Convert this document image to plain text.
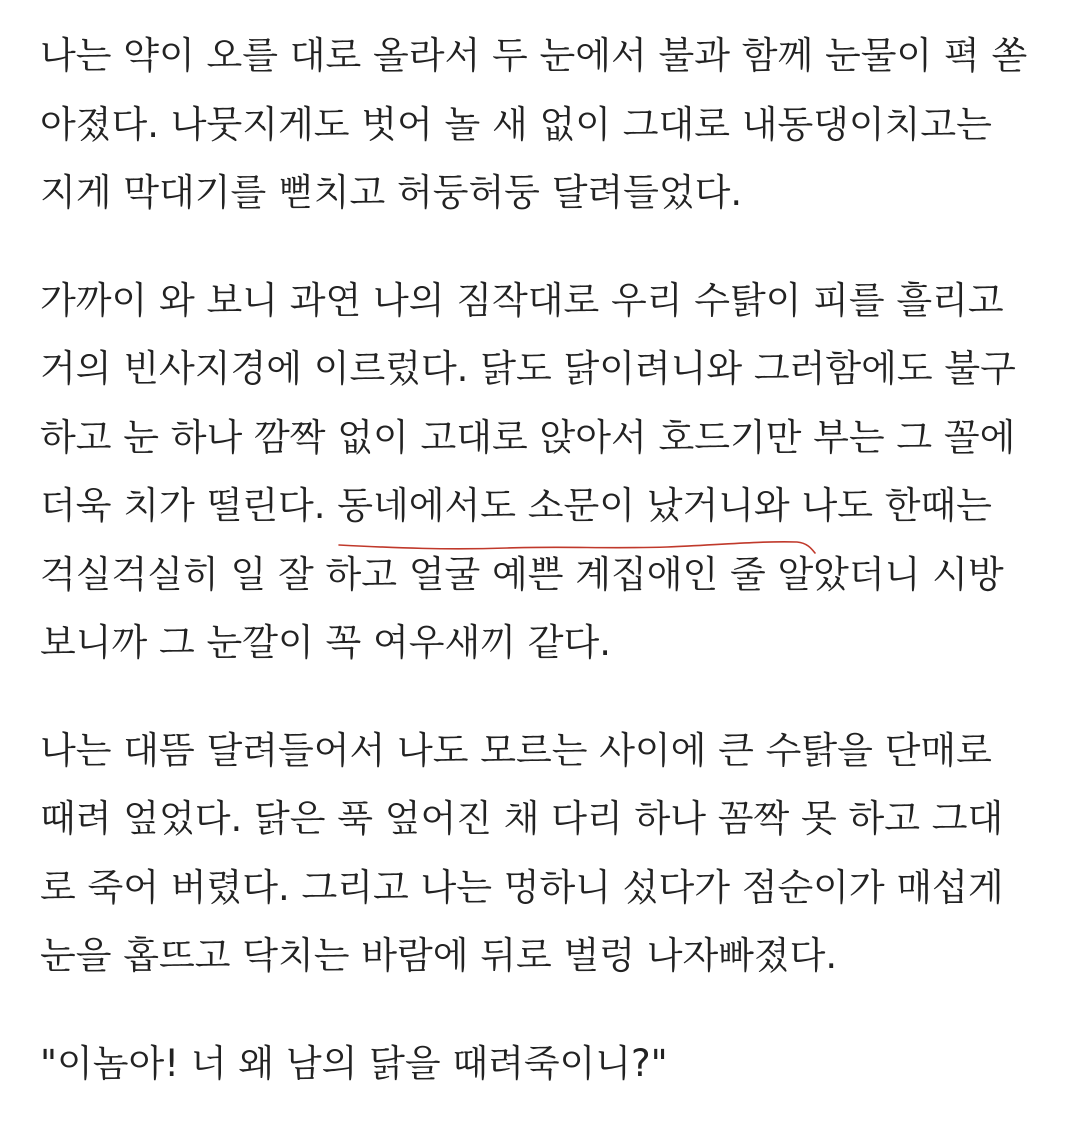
나는 약이 오를 대로 올라서 두 눈에서 불과 함께 눈물이 펵 쏟
아졌다. 나뭇지게도 벗어 놀 새 없이 그대로 내동댕이치고는
지게 막대기를 뻗치고 허둥허둥 달려들었다.
가까이 와 보니 과연 나의 짐작대로 우리 수탉이 피를 흘리고
거의 빈사지경에 이르렀다. 닭도 닭이려니와 그러함에도 불구
하고 눈 하나 깜짝 없이 고대로 앉아서 호드기만 부는 그 꼴에
더욱 치가 떨린다. 동네에서도 소문이 났거니와
나도 한때는
걱실걱실히 일 잘 하고 얼굴 예쁜 계집애인 줄 알았더니 시방
보니까 그 눈깔이 꼭 여우새끼 같다.
나는 대뜸 달려들어서 나도 모르는 사이에 큰 수탉을 단매로
때려 엎었다. 닭은 푹 엎어진 채 다리 하나 꼼짝 못 하고 그대
로 죽어 버렸다. 그리고 나는 멍하니 섰다가 점순이가 매섭게
눈을 홉뜨고 닥치는 바람에 뒤로 벌렁 나자빠졌다.
"이놈아! 너 왜 남의 닭을 때려죽이니?"
